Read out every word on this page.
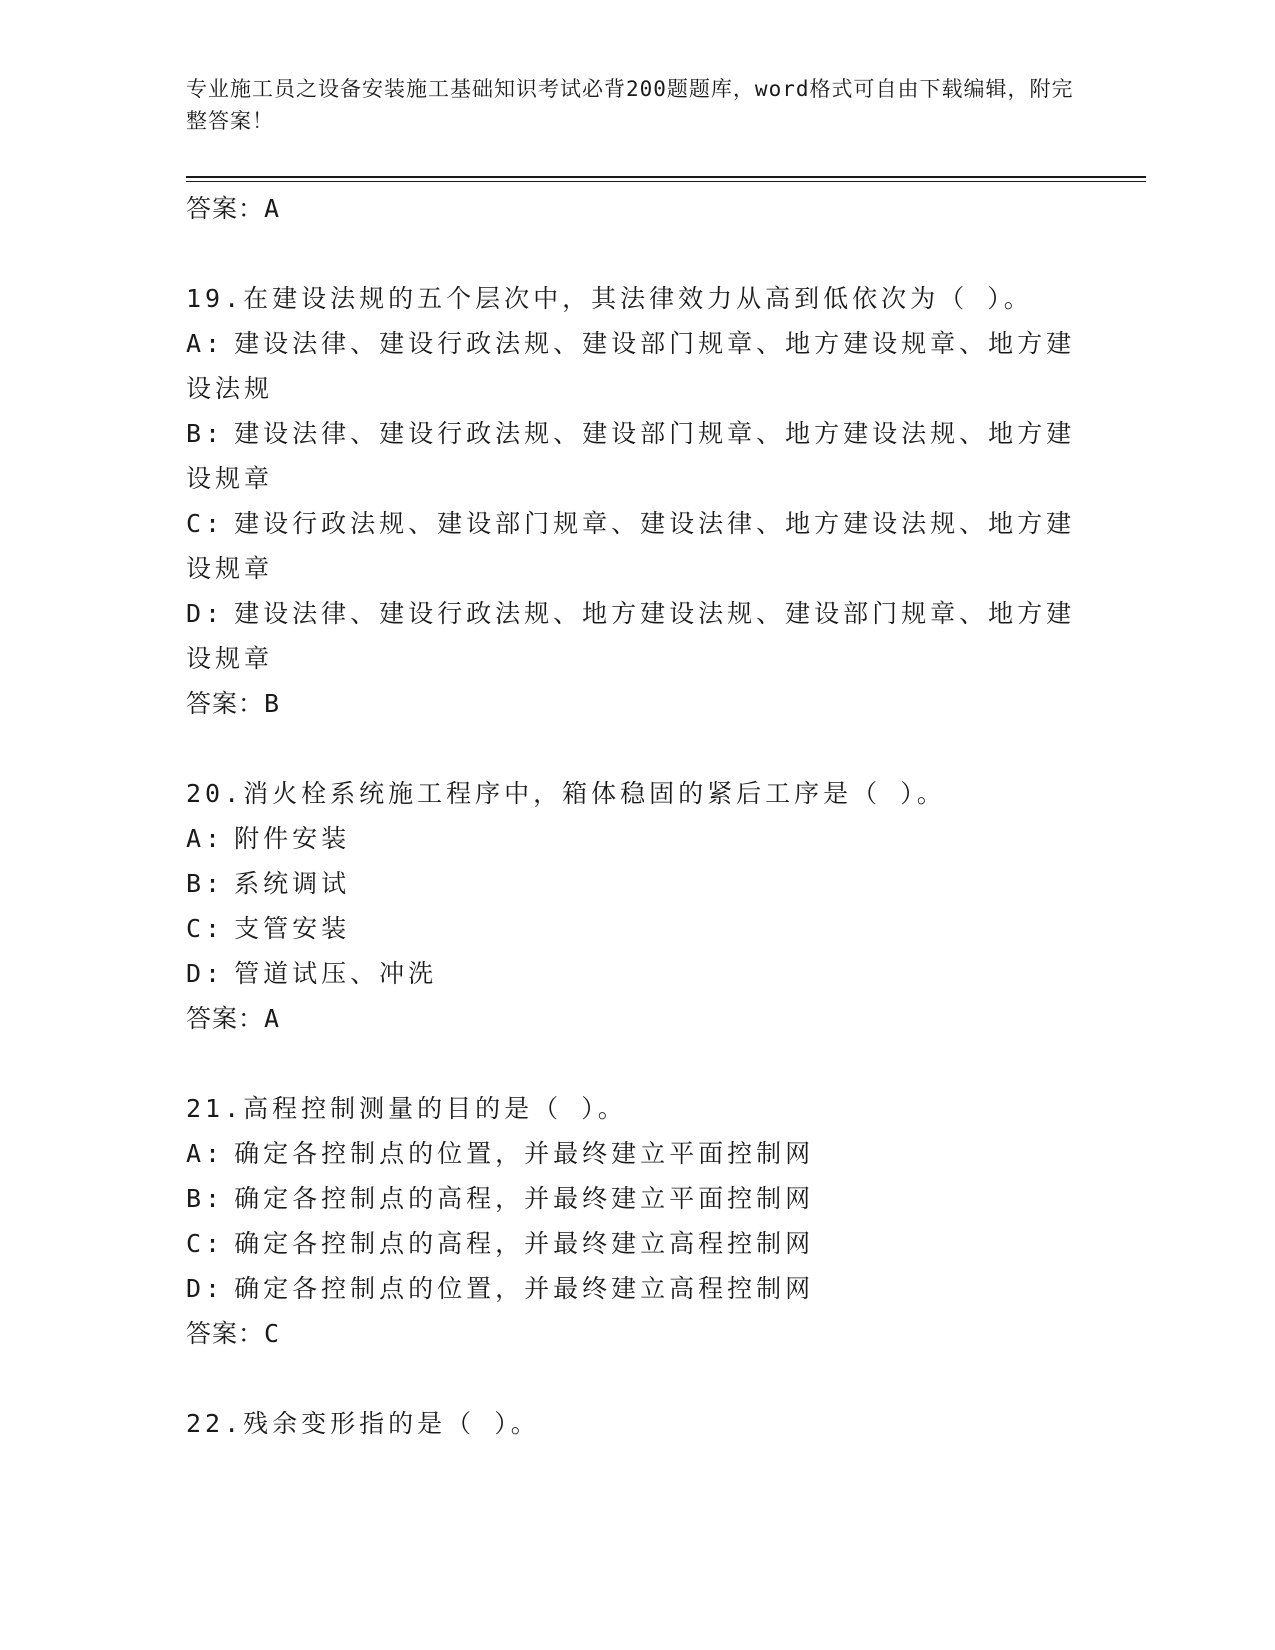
专业施工员之设备安装施工基础知识考试必背200题题库，word格式可自由下载编辑，附完整答案！
答案：A
19.在建设法规的五个层次中，其法律效力从高到低依次为（ ）。
A: 建设法律、建设行政法规、建设部门规章、地方建设规章、地方建设法规
B: 建设法律、建设行政法规、建设部门规章、地方建设法规、地方建设规章
C: 建设行政法规、建设部门规章、建设法律、地方建设法规、地方建设规章
D: 建设法律、建设行政法规、地方建设法规、建设部门规章、地方建设规章
答案：B
20.消火栓系统施工程序中，箱体稳固的紧后工序是（ ）。
A: 附件安装
B: 系统调试
C: 支管安装
D: 管道试压、冲洗
答案：A
21.高程控制测量的目的是（ ）。
A: 确定各控制点的位置，并最终建立平面控制网
B: 确定各控制点的高程，并最终建立平面控制网
C: 确定各控制点的高程，并最终建立高程控制网
D: 确定各控制点的位置，并最终建立高程控制网
答案：C
22.残余变形指的是（ ）。
